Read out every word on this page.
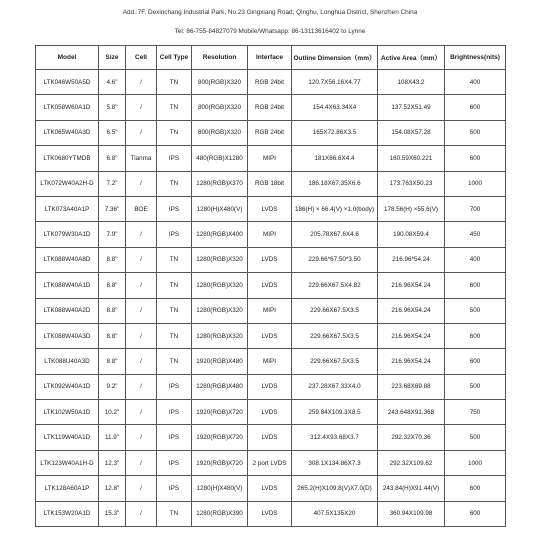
Add.:7F, Dexinchang Industrial Park, No.23 Gingxiang Road, Qinghu, Longhua District, Shenzhen China
Tel: 86-755-84827079 Mobile/Whatsapp: 86-13113616402 to Lynne
Model	Size	Cell	Cell Type	Resolution	Interface	Outline Dimension（mm）	Active Area（mm）	Brightness(nits)
LTK046W50A5D	4.6"	/	TN	800(RGB)X320	RGB 24bit	120.7X56.16X4.77	108X43.2	400
LTK058W60A1D	5.8"	/	TN	800(RGB)X320	RGB 24bit	154.4X63.34X4	137.52X51.49	600
LTK065W40A3D	6.5"	/	TN	800(RGB)X320	RGB 24bit	165X72.86X3.5	154.08X57.28	500
LTK0680YTMDB	6.8"	Tianma	IPS	480(RGB)X1280	MIPI	181X66.6X4.4	160.59X60.221	600
LTK072W40A2H-D	7.2"	/	TN	1280(RGB)X370	RGB 18bit	186.18X67.35X6.6	173.763X50.23	1000
LTK073A40A1P	7.36"	BOE	IPS	1280(H)X480(V)	LVDS	186(H) × 66.4(V) ×1.0(body)	178.56(H) ×55.6(V)	700
LTK079W30A1D	7.9"	/	IPS	1280(RGB)X400	MIPI	205.78X67.6X4.6	190.08X59.4	450
LTK088W40A8D	8.8"	/	TN	1280(RGB)X320	LVDS	229.66*67.50*3.50	216.96*54.24	400
LTK088W40A1D	8.8"	/	TN	1280(RGB)X320	LVDS	229.66X67.5X4.82	216.96X54.24	600
LTK088W40A2D	8.8"	/	TN	1280(RGB)X320	MIPI	229.66X67.5X3.5	216.96X54.24	500
LTK088W40A3D	8.8"	/	TN	1280(RGB)X320	LVDS	229.66X67.5X3.5	216.96X54.24	600
LTK088U40A3D	8.8"	/	TN	1920(RGB)X480	MIPI	229.66X67.5X3.5	216.96X54.24	600
LTK092W40A1D	9.2"	/	IPS	1280(RGB)X480	LVDS	237.28X67.33X4.0	223.68X69.88	500
LTK102W50A1D	10.2"	/	IPS	1920(RGB)X720	LVDS	259.84X109.3X8.5	243.648X91.368	750
LTK119W40A1D	11.9"	/	IPS	1920(RGB)X720	LVDS	312.4X93.68X3.7	292.32X70.36	500
LTK123W40A1H-D	12.3"	/	IPS	1920(RGB)X720	2 port LVDS	308.1X134.86X7.3	292.32X109.62	1000
LTK128A60A1P	12.8"	/	IPS	1280(H)X480(V)	LVDS	265.2(H)X109.8(V)X7.0(D)	243.84(H)X91.44(V)	600
LTK153W20A1D	15.3"	/	TN	1280(RGB)X390	LVDS	407.5X135X20	360.94X109.98	600
